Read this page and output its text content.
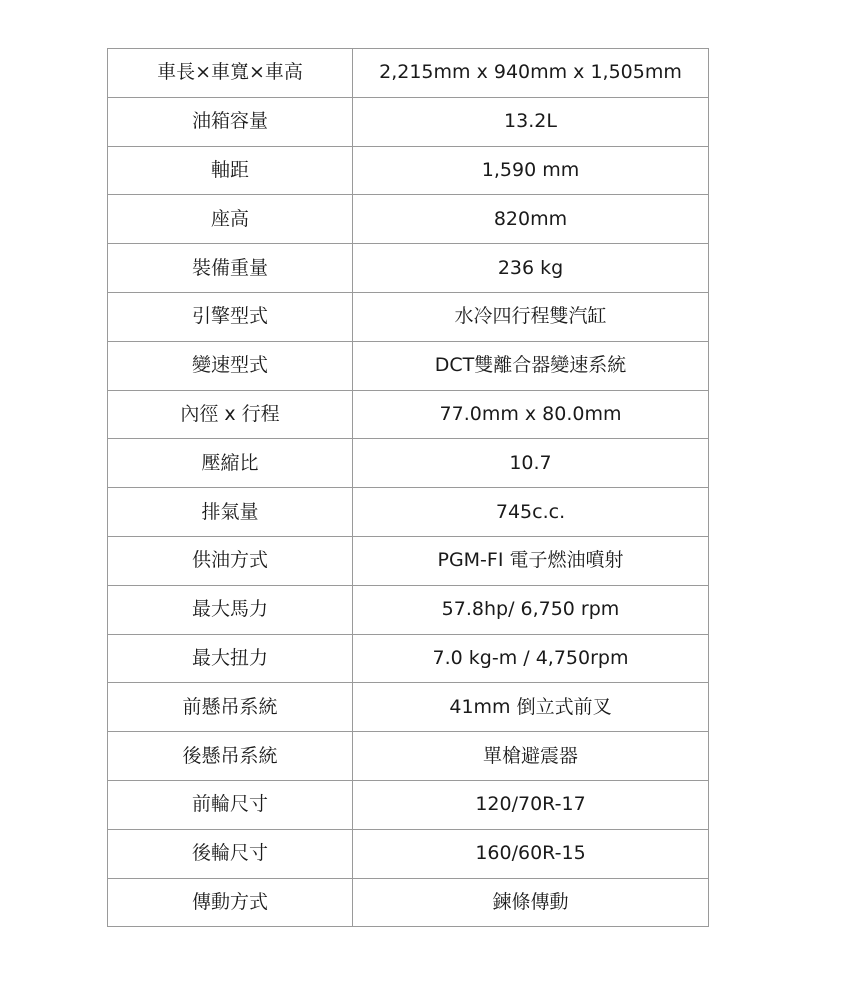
車長×車寬×車高	2,215mm x 940mm x 1,505mm
油箱容量	13.2L
軸距	1,590 mm
座高	820mm
裝備重量	236 kg
引擎型式	水冷四行程雙汽缸
變速型式	DCT雙離合器變速系統
內徑 x 行程	77.0mm x 80.0mm
壓縮比	10.7
排氣量	745c.c.
供油方式	PGM-FI 電子燃油噴射
最大馬力	57.8hp/ 6,750 rpm
最大扭力	7.0 kg-m / 4,750rpm
前懸吊系統	41mm 倒立式前叉
後懸吊系統	單槍避震器
前輪尺寸	120/70R-17
後輪尺寸	160/60R-15
傳動方式	鍊條傳動
